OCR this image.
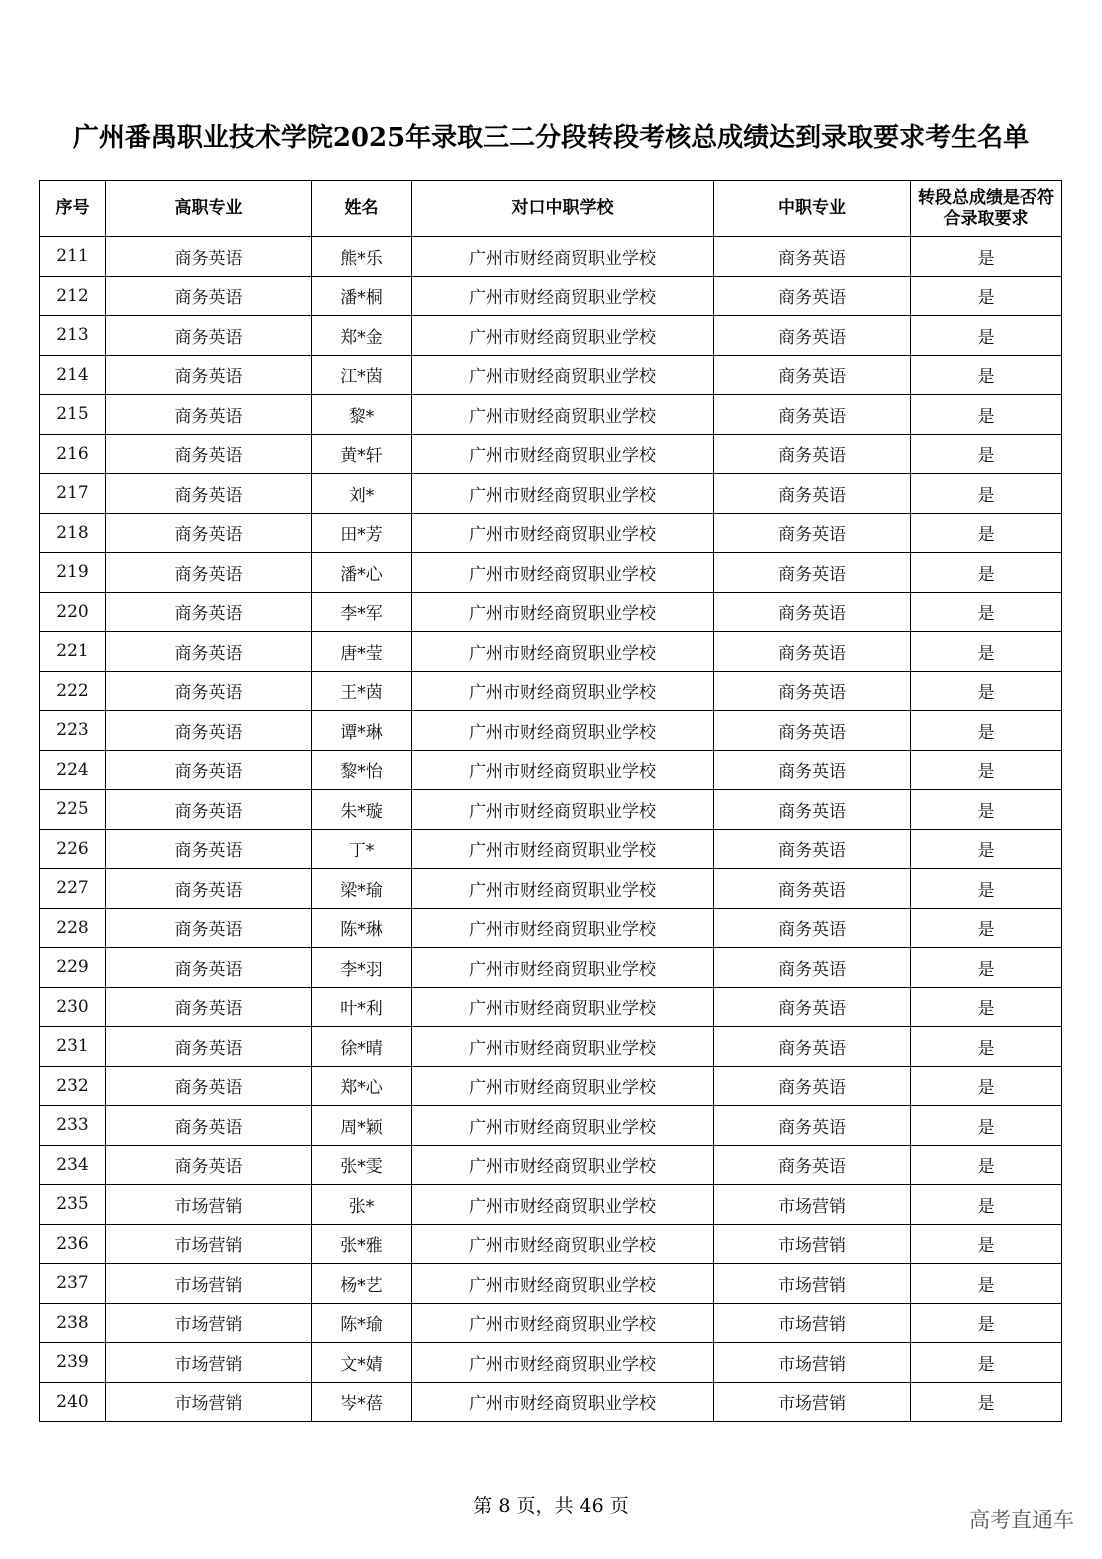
广州番禺职业技术学院2025年录取三二分段转段考核总成绩达到录取要求考生名单
序号	高职专业	姓名	对口中职学校	中职专业	转段总成绩是否符合录取要求
211	商务英语	熊*乐	广州市财经商贸职业学校	商务英语	是
212	商务英语	潘*桐	广州市财经商贸职业学校	商务英语	是
213	商务英语	郑*金	广州市财经商贸职业学校	商务英语	是
214	商务英语	江*茵	广州市财经商贸职业学校	商务英语	是
215	商务英语	黎*	广州市财经商贸职业学校	商务英语	是
216	商务英语	黄*轩	广州市财经商贸职业学校	商务英语	是
217	商务英语	刘*	广州市财经商贸职业学校	商务英语	是
218	商务英语	田*芳	广州市财经商贸职业学校	商务英语	是
219	商务英语	潘*心	广州市财经商贸职业学校	商务英语	是
220	商务英语	李*军	广州市财经商贸职业学校	商务英语	是
221	商务英语	唐*莹	广州市财经商贸职业学校	商务英语	是
222	商务英语	王*茵	广州市财经商贸职业学校	商务英语	是
223	商务英语	谭*琳	广州市财经商贸职业学校	商务英语	是
224	商务英语	黎*怡	广州市财经商贸职业学校	商务英语	是
225	商务英语	朱*璇	广州市财经商贸职业学校	商务英语	是
226	商务英语	丁*	广州市财经商贸职业学校	商务英语	是
227	商务英语	梁*瑜	广州市财经商贸职业学校	商务英语	是
228	商务英语	陈*琳	广州市财经商贸职业学校	商务英语	是
229	商务英语	李*羽	广州市财经商贸职业学校	商务英语	是
230	商务英语	叶*利	广州市财经商贸职业学校	商务英语	是
231	商务英语	徐*晴	广州市财经商贸职业学校	商务英语	是
232	商务英语	郑*心	广州市财经商贸职业学校	商务英语	是
233	商务英语	周*颖	广州市财经商贸职业学校	商务英语	是
234	商务英语	张*雯	广州市财经商贸职业学校	商务英语	是
235	市场营销	张*	广州市财经商贸职业学校	市场营销	是
236	市场营销	张*雅	广州市财经商贸职业学校	市场营销	是
237	市场营销	杨*艺	广州市财经商贸职业学校	市场营销	是
238	市场营销	陈*瑜	广州市财经商贸职业学校	市场营销	是
239	市场营销	文*婧	广州市财经商贸职业学校	市场营销	是
240	市场营销	岑*蓓	广州市财经商贸职业学校	市场营销	是
第 8 页，共 46 页
高考直通车
